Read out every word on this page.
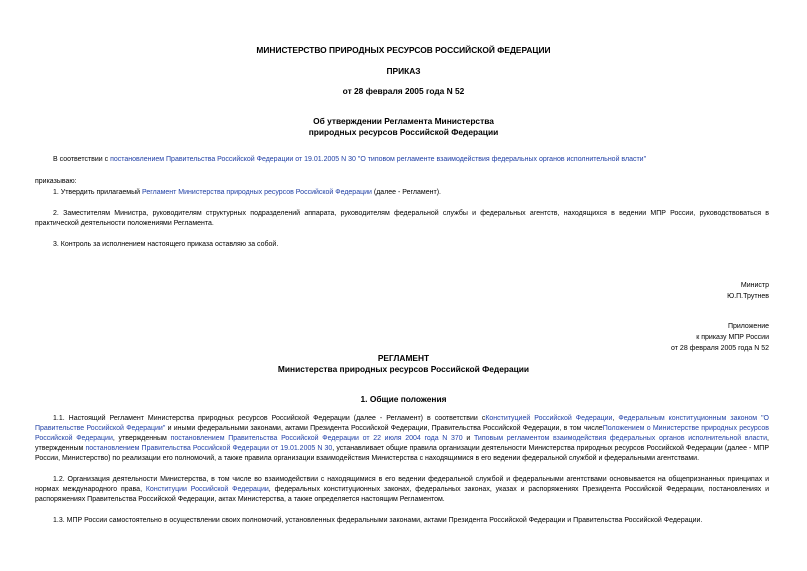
МИНИСТЕРСТВО ПРИРОДНЫХ РЕСУРСОВ РОССИЙСКОЙ ФЕДЕРАЦИИ
ПРИКАЗ
от 28 февраля 2005 года N 52
Об утверждении Регламента Министерства
природных ресурсов Российской Федерации
В соответствии с постановлением Правительства Российской Федерации от 19.01.2005 N 30 "О типовом регламенте взаимодействия федеральных органов исполнительной власти"
приказываю:
1. Утвердить прилагаемый Регламент Министерства природных ресурсов Российской Федерации (далее - Регламент).
2. Заместителям Министра, руководителям структурных подразделений аппарата, руководителям федеральной службы и федеральных агентств, находящихся в ведении МПР России, руководствоваться в практической деятельности положениями Регламента.
3. Контроль за исполнением настоящего приказа оставляю за собой.
Министр
Ю.П.Трутнев
Приложение
к приказу МПР России
от 28 февраля 2005 года N 52
РЕГЛАМЕНТ
Министерства природных ресурсов Российской Федерации
1. Общие положения
1.1. Настоящий Регламент Министерства природных ресурсов Российской Федерации (далее - Регламент) в соответствии сКонституцией Российской Федерации, Федеральным конституционным законом "О Правительстве Российской Федерации" и иными федеральными законами, актами Президента Российской Федерации, Правительства Российской Федерации, в том числеПоложением о Министерстве природных ресурсов Российской Федерации, утвержденным постановлением Правительства Российской Федерации от 22 июля 2004 года N 370 и Типовым регламентом взаимодействия федеральных органов исполнительной власти, утвержденным постановлением Правительства Российской Федерации от 19.01.2005 N 30, устанавливает общие правила организации деятельности Министерства природных ресурсов Российской Федерации (далее - МПР России, Министерство) по реализации его полномочий, а также правила организации взаимодействия Министерства с находящимися в его ведении федеральной службой и федеральными агентствами.
1.2. Организация деятельности Министерства, в том числе во взаимодействии с находящимися в его ведении федеральной службой и федеральными агентствами основывается на общепризнанных принципах и нормах международного права, Конституции Российской Федерации, федеральных конституционных законах, федеральных законах, указах и распоряжениях Президента Российской Федерации, постановлениях и распоряжениях Правительства Российской Федерации, актах Министерства, а также определяется настоящим Регламентом.
1.3. МПР России самостоятельно в осуществлении своих полномочий, установленных федеральными законами, актами Президента Российской Федерации и Правительства Российской Федерации.
